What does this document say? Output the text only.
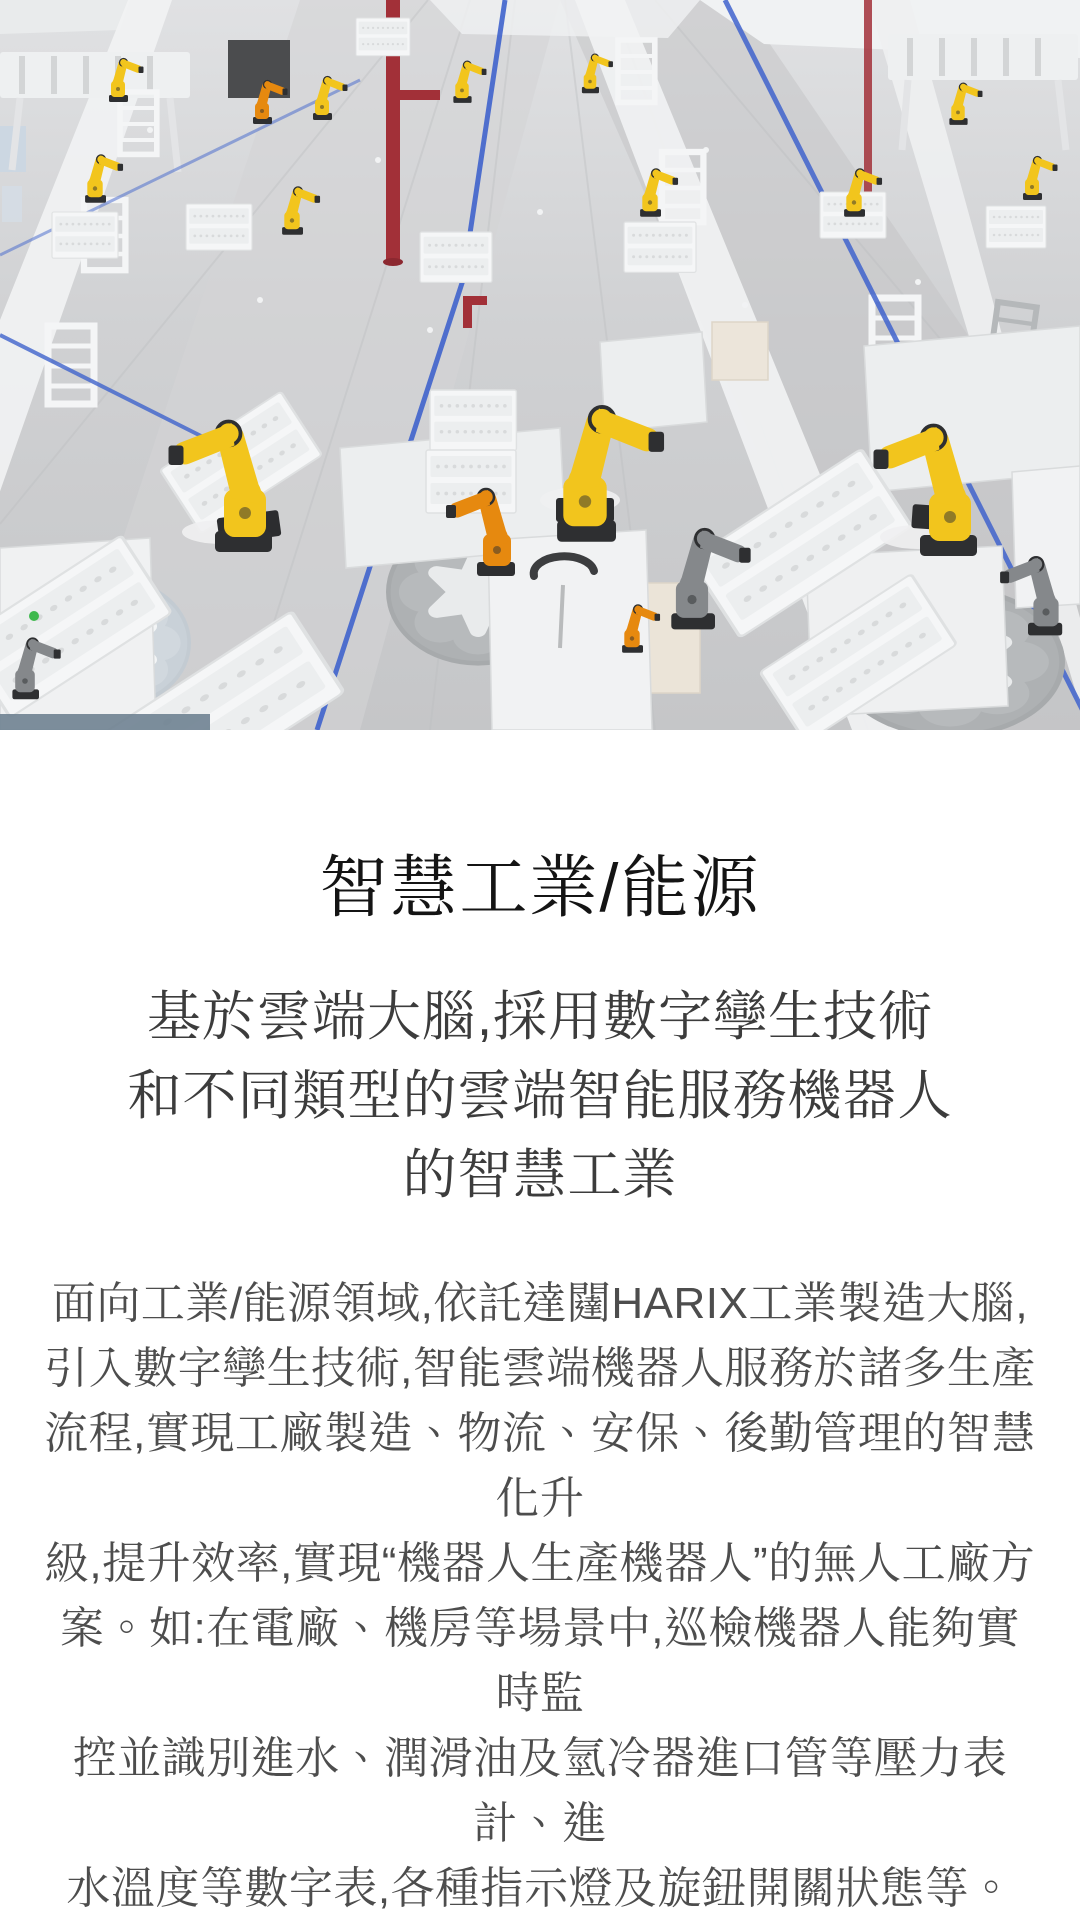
智慧工業/能源
基於雲端大腦,採用數字孿生技術
和不同類型的雲端智能服務機器人
的智慧工業

面向工業/能源領域,依託達闥HARIX工業製造大腦,
引入數字孿生技術,智能雲端機器人服務於諸多生產
流程,實現工廠製造、物流、安保、後勤管理的智慧化升
級,提升效率,實現“機器人生產機器人”的無人工廠方
案。如:在電廠、機房等場景中,巡檢機器人能夠實時監
控並識別進水、潤滑油及氫冷器進口管等壓力表計、進
水溫度等數字表,各種指示燈及旋鈕開關狀態等。
